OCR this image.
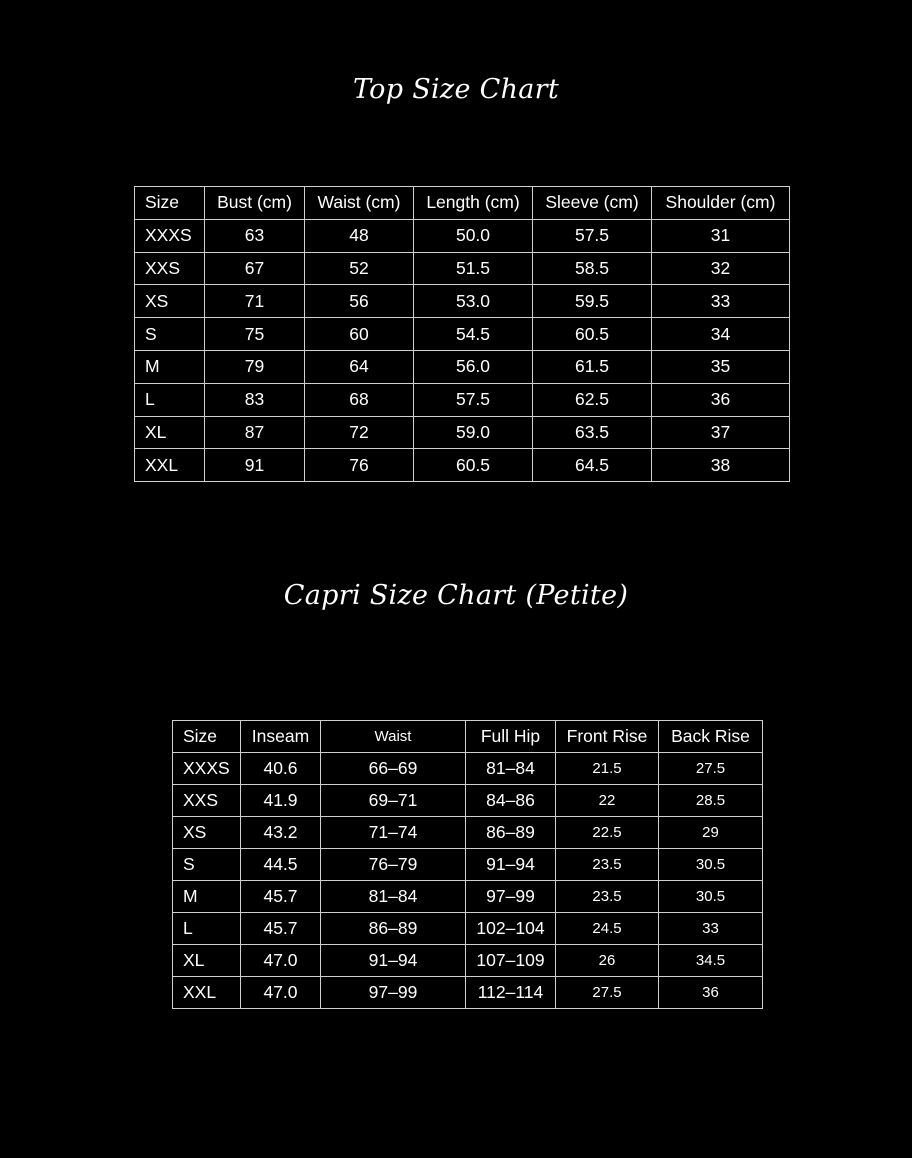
Top Size Chart
Size	Bust (cm)	Waist (cm)	Length (cm)	Sleeve (cm)	Shoulder (cm)
XXXS	63	48	50.0	57.5	31
XXS	67	52	51.5	58.5	32
XS	71	56	53.0	59.5	33
S	75	60	54.5	60.5	34
M	79	64	56.0	61.5	35
L	83	68	57.5	62.5	36
XL	87	72	59.0	63.5	37
XXL	91	76	60.5	64.5	38
Capri Size Chart (Petite)
Size	Inseam	Waist	Full Hip	Front Rise	Back Rise
XXXS	40.6	66–69	81–84	21.5	27.5
XXS	41.9	69–71	84–86	22	28.5
XS	43.2	71–74	86–89	22.5	29
S	44.5	76–79	91–94	23.5	30.5
M	45.7	81–84	97–99	23.5	30.5
L	45.7	86–89	102–104	24.5	33
XL	47.0	91–94	107–109	26	34.5
XXL	47.0	97–99	112–114	27.5	36
